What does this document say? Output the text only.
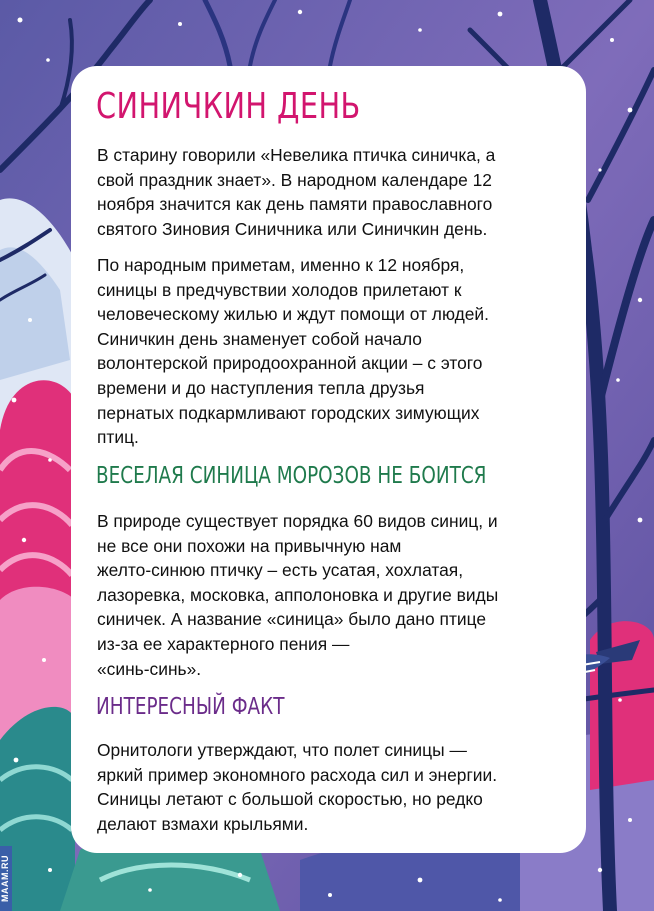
СИНИЧКИН ДЕНЬ
В старину говорили «Невелика птичка синичка, а
свой праздник знает». В народном календаре 12
ноября значится как день памяти православного
святого Зиновия Синичника или Синичкин день.
По народным приметам, именно к 12 ноября,
синицы в предчувствии холодов прилетают к
человеческому жилью и ждут помощи от людей.
Синичкин день знаменует собой начало
волонтерской природоохранной акции – с этого
времени и до наступления тепла друзья
пернатых подкармливают городских зимующих
птиц.
ВЕСЕЛАЯ СИНИЦА МОРОЗОВ НЕ БОИТСЯ
В природе существует порядка 60 видов синиц, и
не все они похожи на привычную нам
желто-синюю птичку – есть усатая, хохлатая,
лазоревка, московка, апполоновка и другие виды
синичек. А название «синица» было дано птице
из-за ее характерного пения —
«синь-синь».
ИНТЕРЕСНЫЙ ФАКТ
Орнитологи утверждают, что полет синицы —
яркий пример экономного расхода сил и энергии.
Синицы летают с большой скоростью, но редко
делают взмахи крыльями.
MAAM.RU
